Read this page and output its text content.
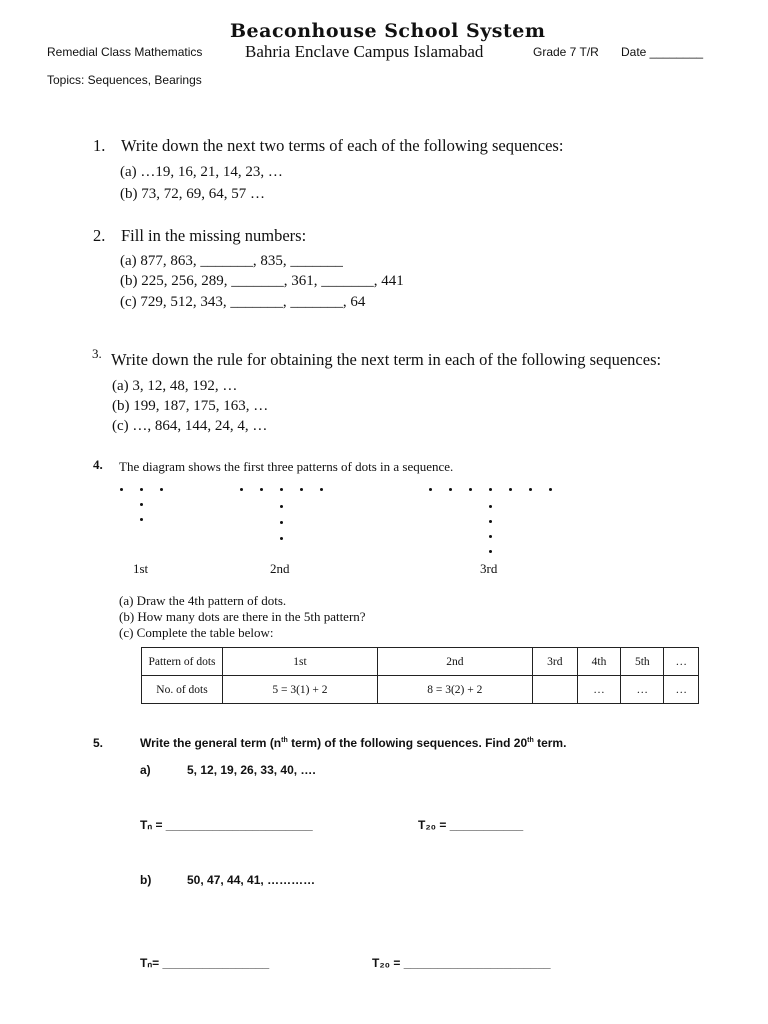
Beaconhouse School System
Remedial Class Mathematics	Bahria Enclave Campus Islamabad	Grade 7 T/R Date ________
Topics: Sequences, Bearings
1. Write down the next two terms of each of the following sequences:
(a) …19, 16, 21, 14, 23, …
(b) 73, 72, 69, 64, 57 …
2. Fill in the missing numbers:
(a) 877, 863, _______, 835, _______
(b) 225, 256, 289, _______, 361, _______, 441
(c) 729, 512, 343, _______, _______, 64
3. Write down the rule for obtaining the next term in each of the following sequences:
(a) 3, 12, 48, 192, …
(b) 199, 187, 175, 163, …
(c) …, 864, 144, 24, 4, …
4. The diagram shows the first three patterns of dots in a sequence.
1st	2nd	3rd
(a) Draw the 4th pattern of dots.
(b) How many dots are there in the 5th pattern?
(c) Complete the table below:
Pattern of dots	1st	2nd	3rd	4th	5th	…
No. of dots	5 = 3(1) + 2	8 = 3(2) + 2		…	…	…
5.	Write the general term ($n^{th}$ term) of the following sequences. Find 20th term.
a)	5, 12, 19, 26, 33, 40, ….
Tₙ = ______________________	T₂₀ = ___________
b)	50, 47, 44, 41, …………
Tₙ= ________________	T₂₀ = ______________________
